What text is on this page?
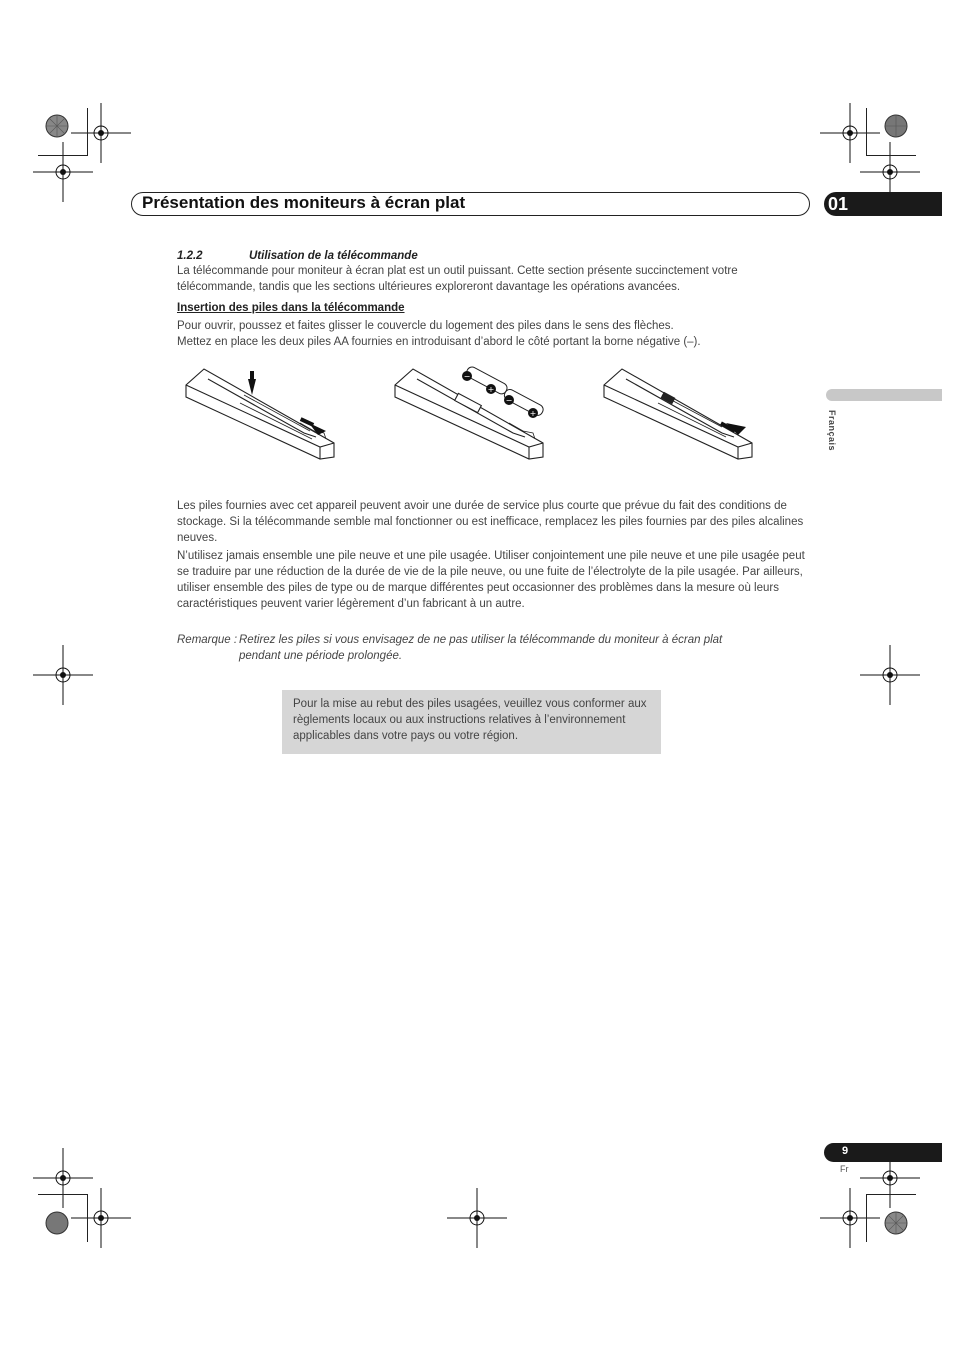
Présentation des moniteurs à écran plat	01
Français
1.2.2	Utilisation de la télécommande
La télécommande pour moniteur à écran plat est un outil puissant. Cette section présente succinctement votre télécommande, tandis que les sections ultérieures exploreront davantage les opérations avancées.
Insertion des piles dans la télécommande
Pour ouvrir, poussez et faites glisser le couvercle du logement des piles dans le sens des flèches.
Mettez en place les deux piles AA fournies en introduisant d’abord le côté portant la borne négative (–).
−
+
−
+
Les piles fournies avec cet appareil peuvent avoir une durée de service plus courte que prévue du fait des conditions de stockage. Si la télécommande semble mal fonctionner ou est inefficace, remplacez les piles fournies par des piles alcalines neuves.
N’utilisez jamais ensemble une pile neuve et une pile usagée. Utiliser conjointement une pile neuve et une pile usagée peut se traduire par une réduction de la durée de vie de la pile neuve, ou une fuite de l’électrolyte de la pile usagée. Par ailleurs, utiliser ensemble des piles de type ou de marque différentes peut occasionner des problèmes dans la mesure où leurs caractéristiques peuvent varier légèrement d’un fabricant à un autre.
Remarque : Retirez les piles si vous envisagez de ne pas utiliser la télécommande du moniteur à écran plat
pendant une période prolongée.
Pour la mise au rebut des piles usagées, veuillez vous conformer aux règlements locaux ou aux instructions relatives à l’environnement applicables dans votre pays ou votre région.
9
Fr
